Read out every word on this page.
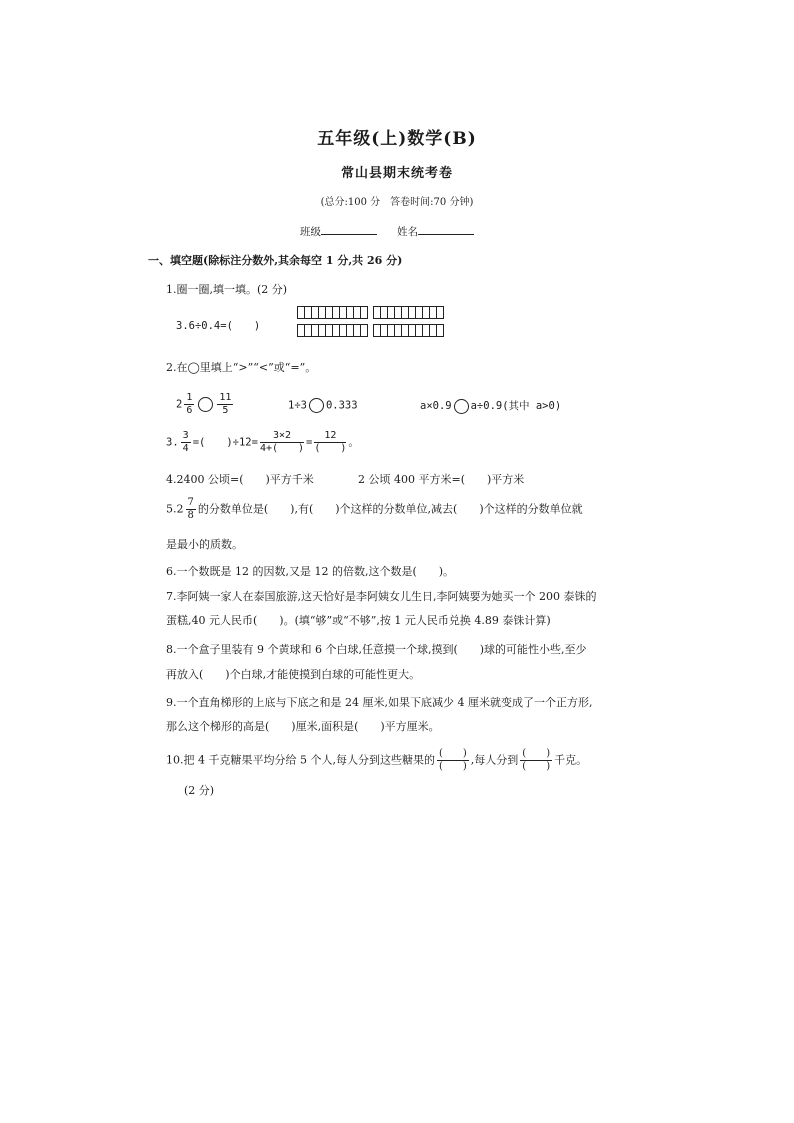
五年级(上)数学(B)
常山县期末统考卷
(总分:100 分　答卷时间:70 分钟)
班级	姓名
一、填空题(除标注分数外,其余每空 1 分,共 26 分)
1.圈一圈,填一填。(2 分)
3.6÷0.4=(　　)
2.在◯里填上“>”“<”或“=”。
$2 \frac{1}{6} \frac{11}{5}$	1÷3 0.333	a×0.9 a÷0.9(其中 a>0)
3. $\frac{3}{4}$ =(　　)$\div 12= \frac{3\times 2}{4+( )} = \frac{12}{( )}$ 。
4.2400 公顷=(　　)平方千米	2 公顷 400 平方米=(　　)平方米
$5.2 \frac{7}{8}$ 的分数单位是(　　),有(　　)个这样的分数单位,减去(　　)个这样的分数单位就
是最小的质数。
6.一个数既是 12 的因数,又是 12 的倍数,这个数是(　　)。
7.李阿姨一家人在泰国旅游,这天恰好是李阿姨女儿生日,李阿姨要为她买一个 200 泰铢的
蛋糕,40 元人民币(　　)。(填“够”或“不够”,按 1 元人民币兑换 4.89 泰铢计算)
8.一个盒子里装有 9 个黄球和 6 个白球,任意摸一个球,摸到(　　)球的可能性小些,至少
再放入(　　)个白球,才能使摸到白球的可能性更大。
9.一个直角梯形的上底与下底之和是 24 厘米,如果下底减少 4 厘米就变成了一个正方形,
那么这个梯形的高是(　　)厘米,面积是(　　)平方厘米。
10.把 4 千克糖果平均分给 5 个人,每人分到这些糖果的 $\frac{( )}{( )}$ ,每人分到 $\frac{( )}{( )}$ 千克。
(2 分)
